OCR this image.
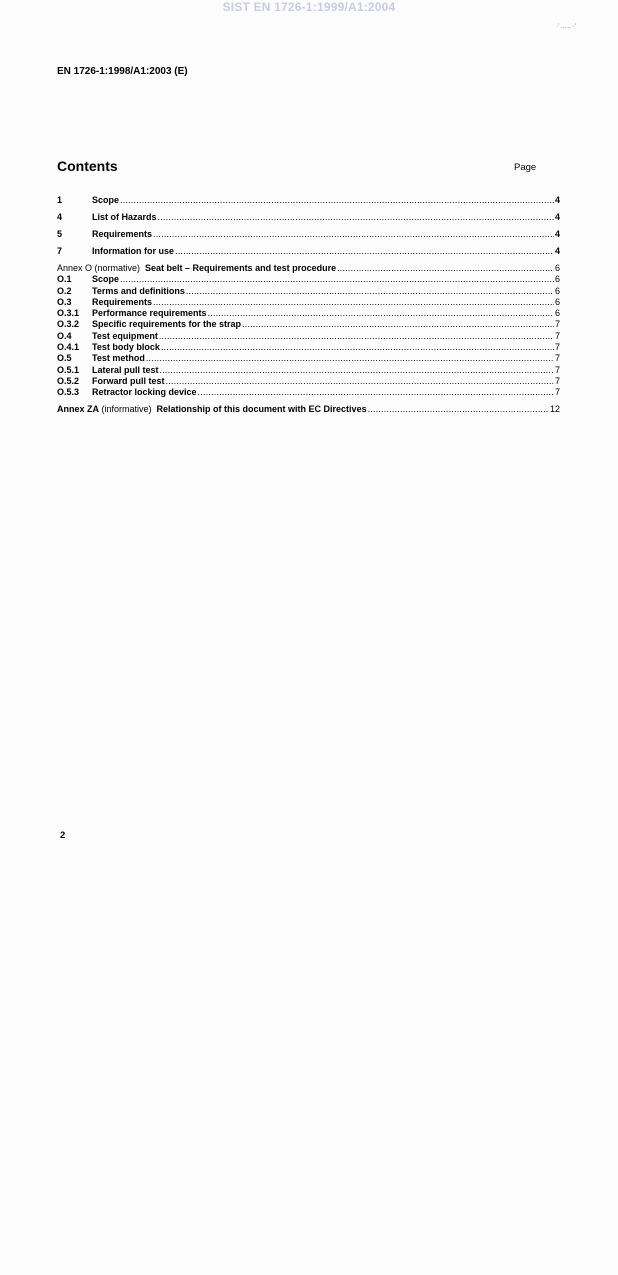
SIST EN 1726-1:1999/A1:2004
·ʼ ...... ·ʼ
EN 1726-1:1998/A1:2003 (E)
Contents	Page
1	Scope .....	4
4	List of Hazards .....	4
5	Requirements .....	4
7	Information for use .....	4
Annex O (normative) Seat belt – Requirements and test procedure .....	6
O.1	Scope .....	6
O.2	Terms and definitions .....	6
O.3	Requirements .....	6
O.3.1	Performance requirements .....	6
O.3.2	Specific requirements for the strap .....	7
O.4	Test equipment .....	7
O.4.1	Test body block .....	7
O.5	Test method .....	7
O.5.1	Lateral pull test .....	7
O.5.2	Forward pull test .....	7
O.5.3	Retractor locking device .....	7
Annex ZA (informative) Relationship of this document with EC Directives .....	12
2
